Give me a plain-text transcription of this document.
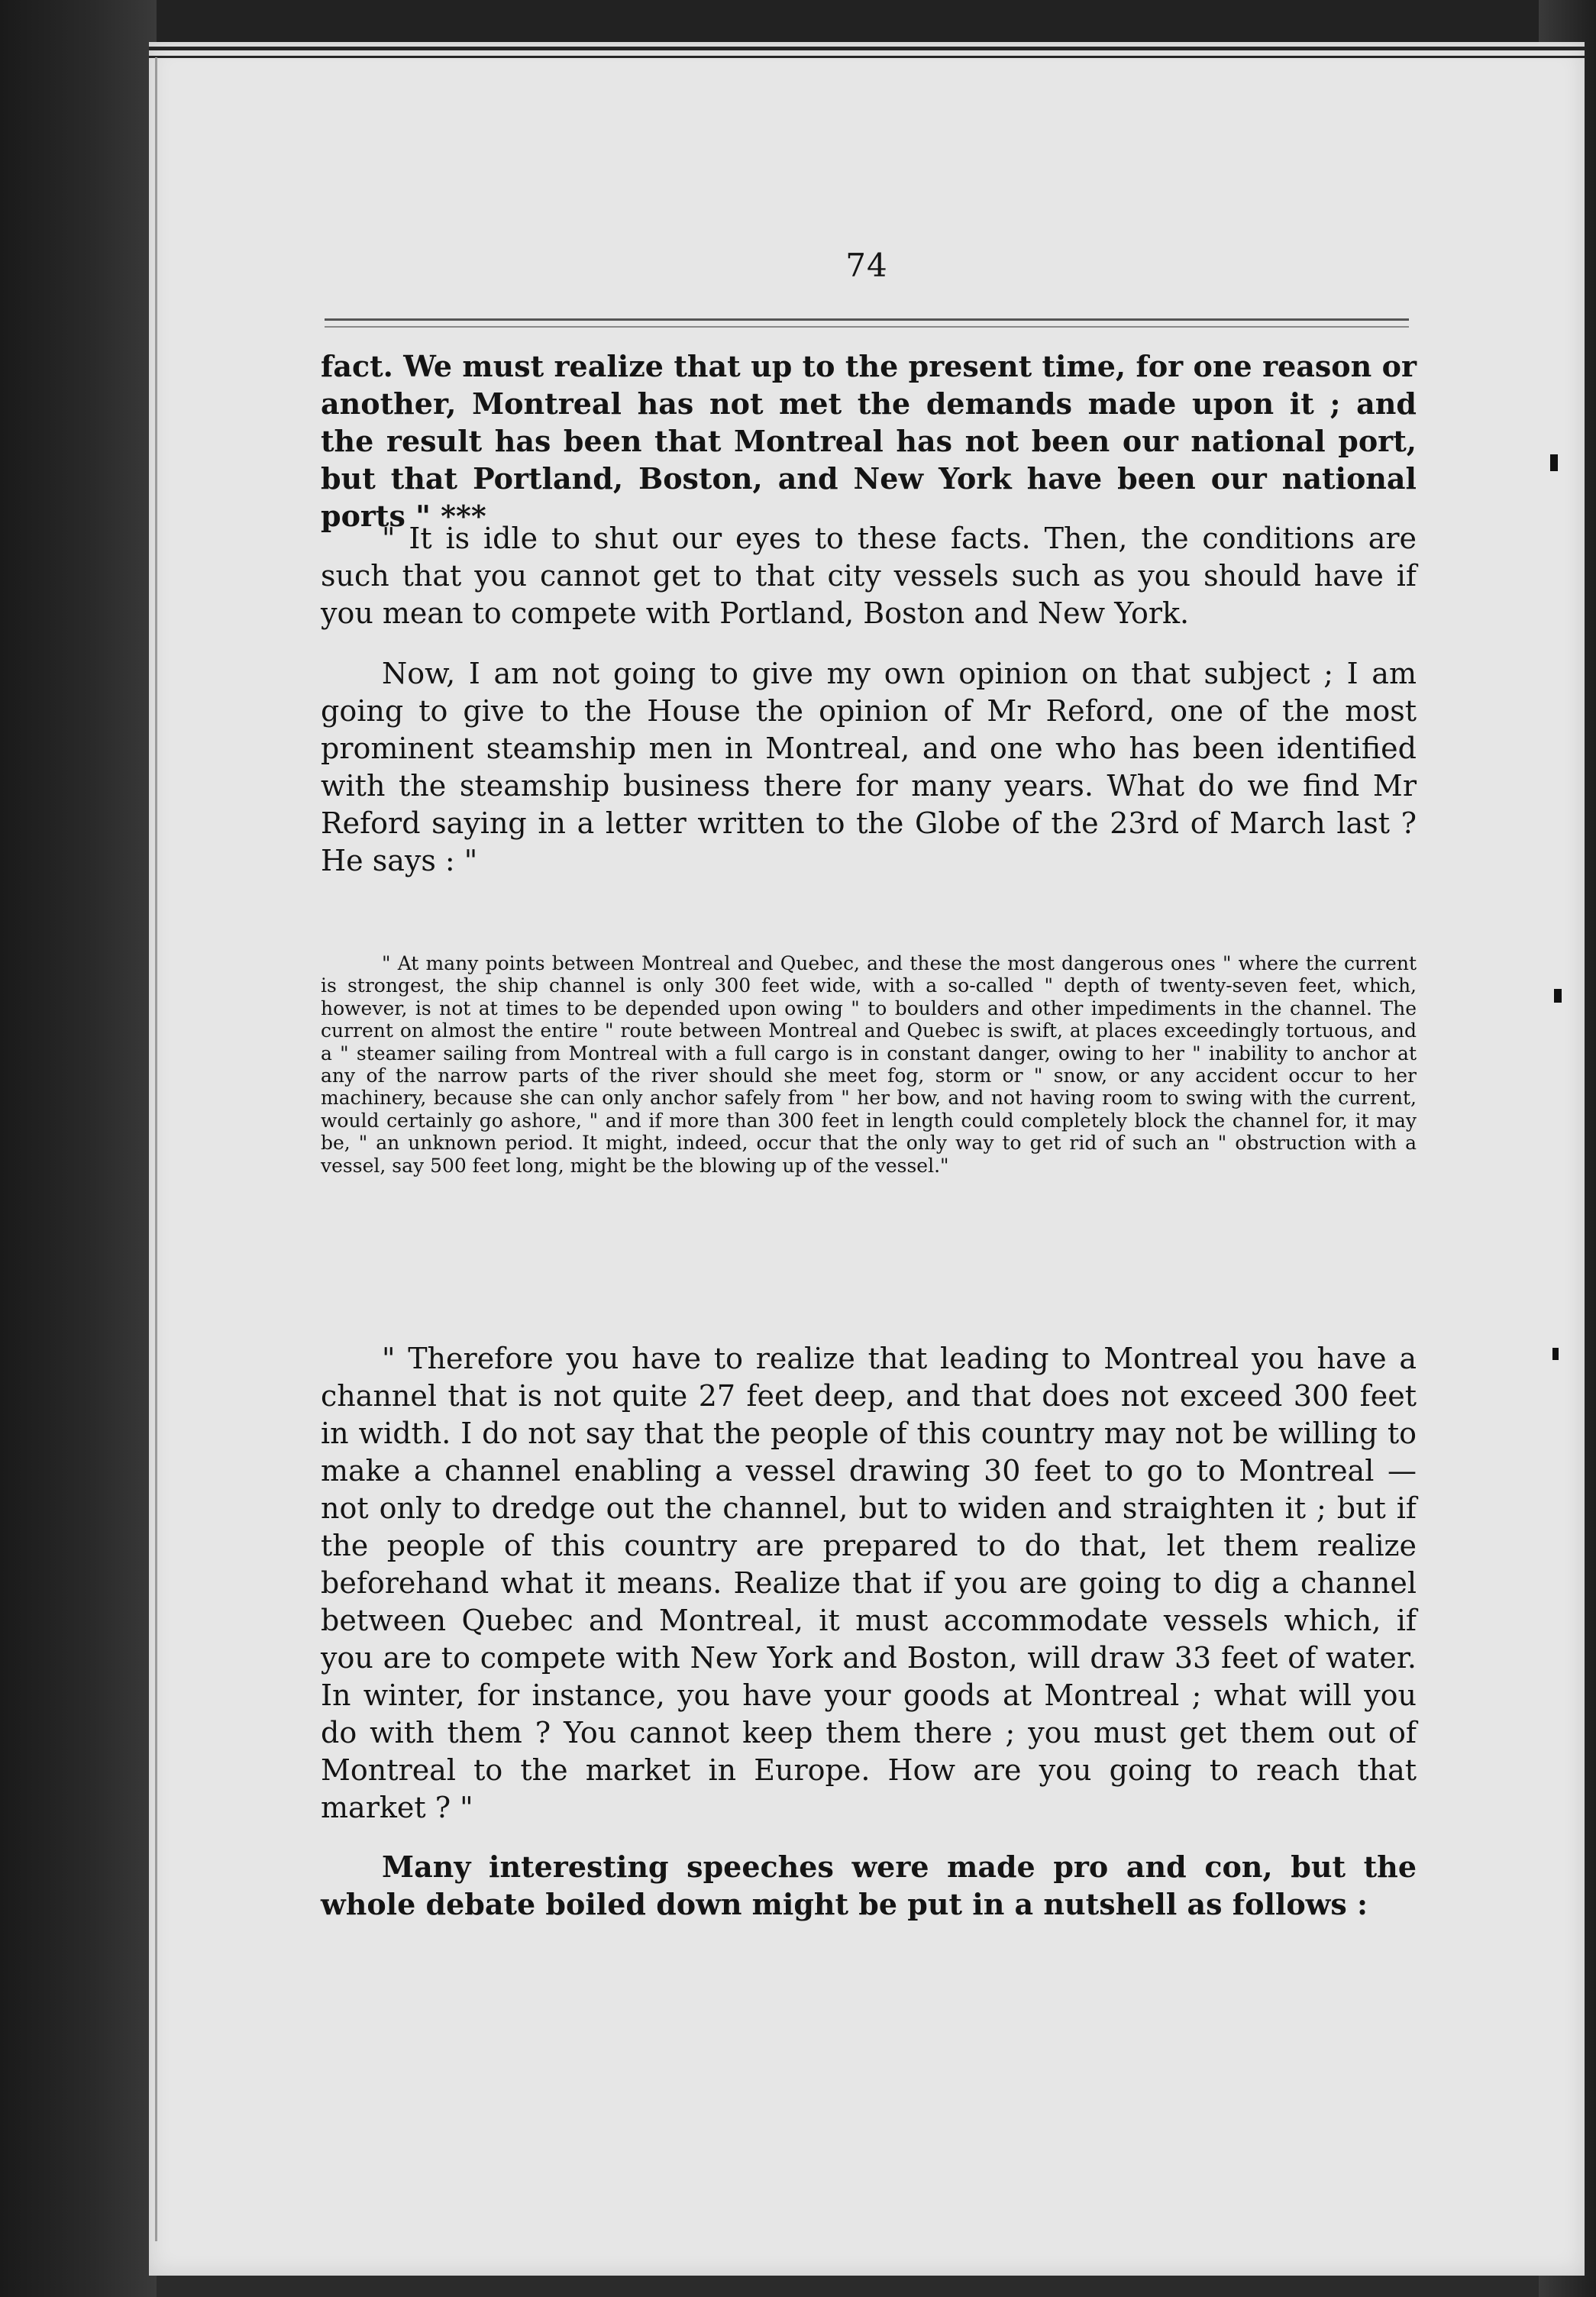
74

fact. We must realize that up to the present time, for one reason or another, Montreal has not met the demands made upon it ; and the result has been that Montreal has not been our national port, but that Portland, Boston, and New York have been our national ports " ***

" It is idle to shut our eyes to these facts. Then, the conditions are such that you cannot get to that city vessels such as you should have if you mean to compete with Portland, Boston and New York.

Now, I am not going to give my own opinion on that subject ; I am going to give to the House the opinion of Mr Reford, one of the most prominent steamship men in Montreal, and one who has been identified with the steamship business there for many years. What do we find Mr Reford saying in a letter written to the Globe of the 23rd of March last ? He says : "

" At many points between Montreal and Quebec, and these the most dangerous ones " where the current is strongest, the ship channel is only 300 feet wide, with a so-called " depth of twenty-seven feet, which, however, is not at times to be depended upon owing " to boulders and other impediments in the channel. The current on almost the entire " route between Montreal and Quebec is swift, at places exceedingly tortuous, and a " steamer sailing from Montreal with a full cargo is in constant danger, owing to her " inability to anchor at any of the narrow parts of the river should she meet fog, storm or " snow, or any accident occur to her machinery, because she can only anchor safely from " her bow, and not having room to swing with the current, would certainly go ashore, " and if more than 300 feet in length could completely block the channel for, it may be, " an unknown period. It might, indeed, occur that the only way to get rid of such an " obstruction with a vessel, say 500 feet long, might be the blowing up of the vessel."

" Therefore you have to realize that leading to Montreal you have a channel that is not quite 27 feet deep, and that does not exceed 300 feet in width. I do not say that the people of this country may not be willing to make a channel enabling a vessel drawing 30 feet to go to Montreal — not only to dredge out the channel, but to widen and straighten it ; but if the people of this country are prepared to do that, let them realize beforehand what it means. Realize that if you are going to dig a channel between Quebec and Montreal, it must accommodate vessels which, if you are to compete with New York and Boston, will draw 33 feet of water. In winter, for instance, you have your goods at Montreal ; what will you do with them ? You cannot keep them there ; you must get them out of Montreal to the market in Europe. How are you going to reach that market ? "

Many interesting speeches were made pro and con, but the whole debate boiled down might be put in a nutshell as follows :
